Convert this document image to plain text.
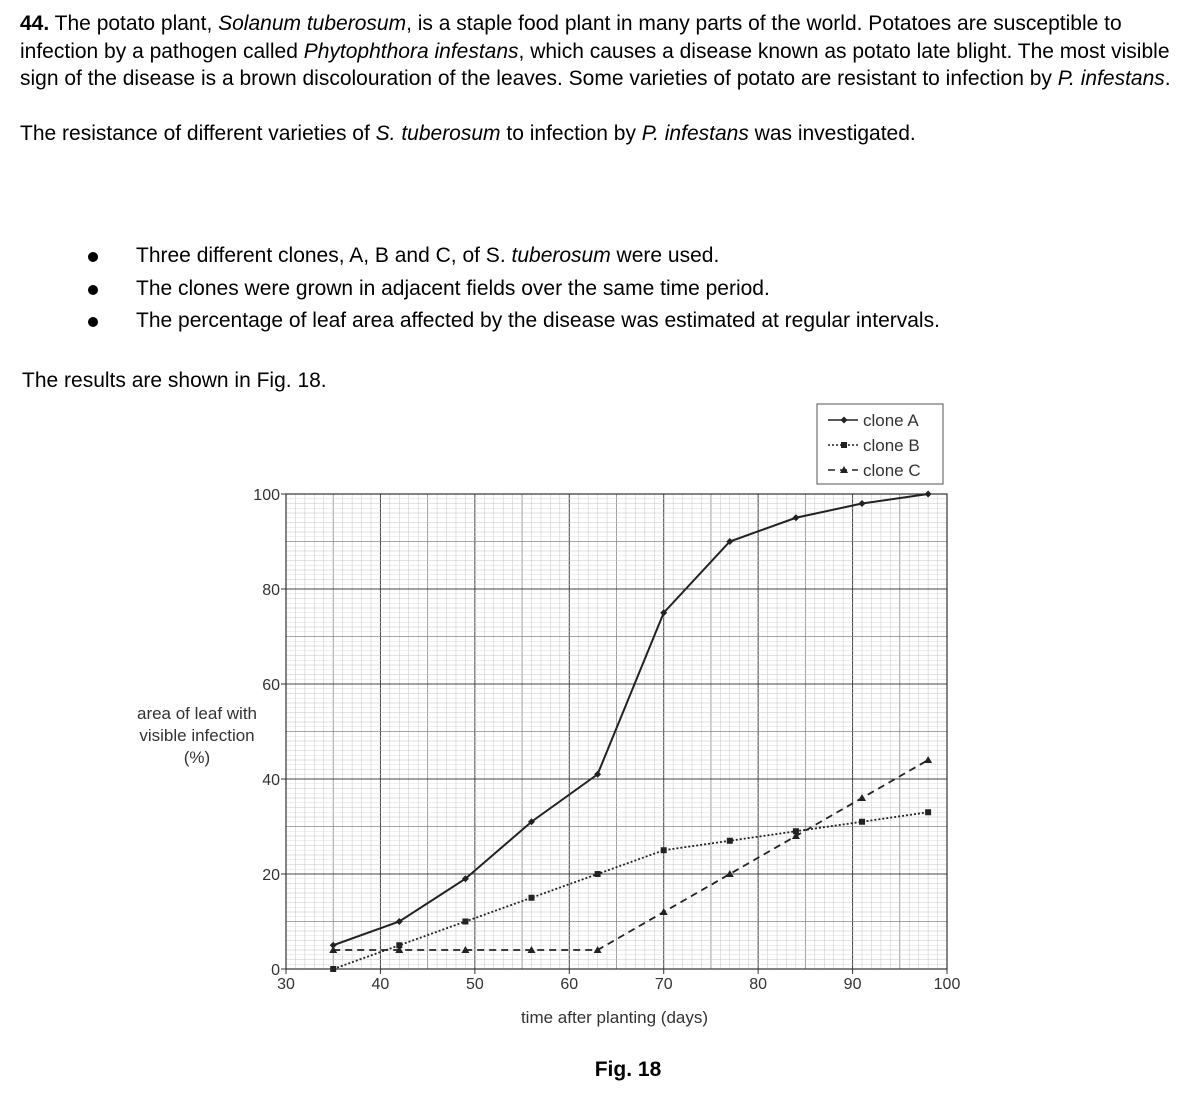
44. The potato plant, Solanum tuberosum, is a staple food plant in many parts of the world. Potatoes are susceptible to infection by a pathogen called Phytophthora infestans, which causes a disease known as potato late blight. The most visible sign of the disease is a brown discolouration of the leaves. Some varieties of potato are resistant to infection by P. infestans.

The resistance of different varieties of S. tuberosum to infection by P. infestans was investigated.

Three different clones, A, B and C, of S. tuberosum were used.
The clones were grown in adjacent fields over the same time period.
The percentage of leaf area affected by the disease was estimated at regular intervals.
The results are shown in Fig. 18.
30	40	50	60	70	80	90	100
0
20
40
60
80
100
time after planting (days)
area of leaf with
visible infection
(%)
clone A
clone B
clone C
Fig. 18
